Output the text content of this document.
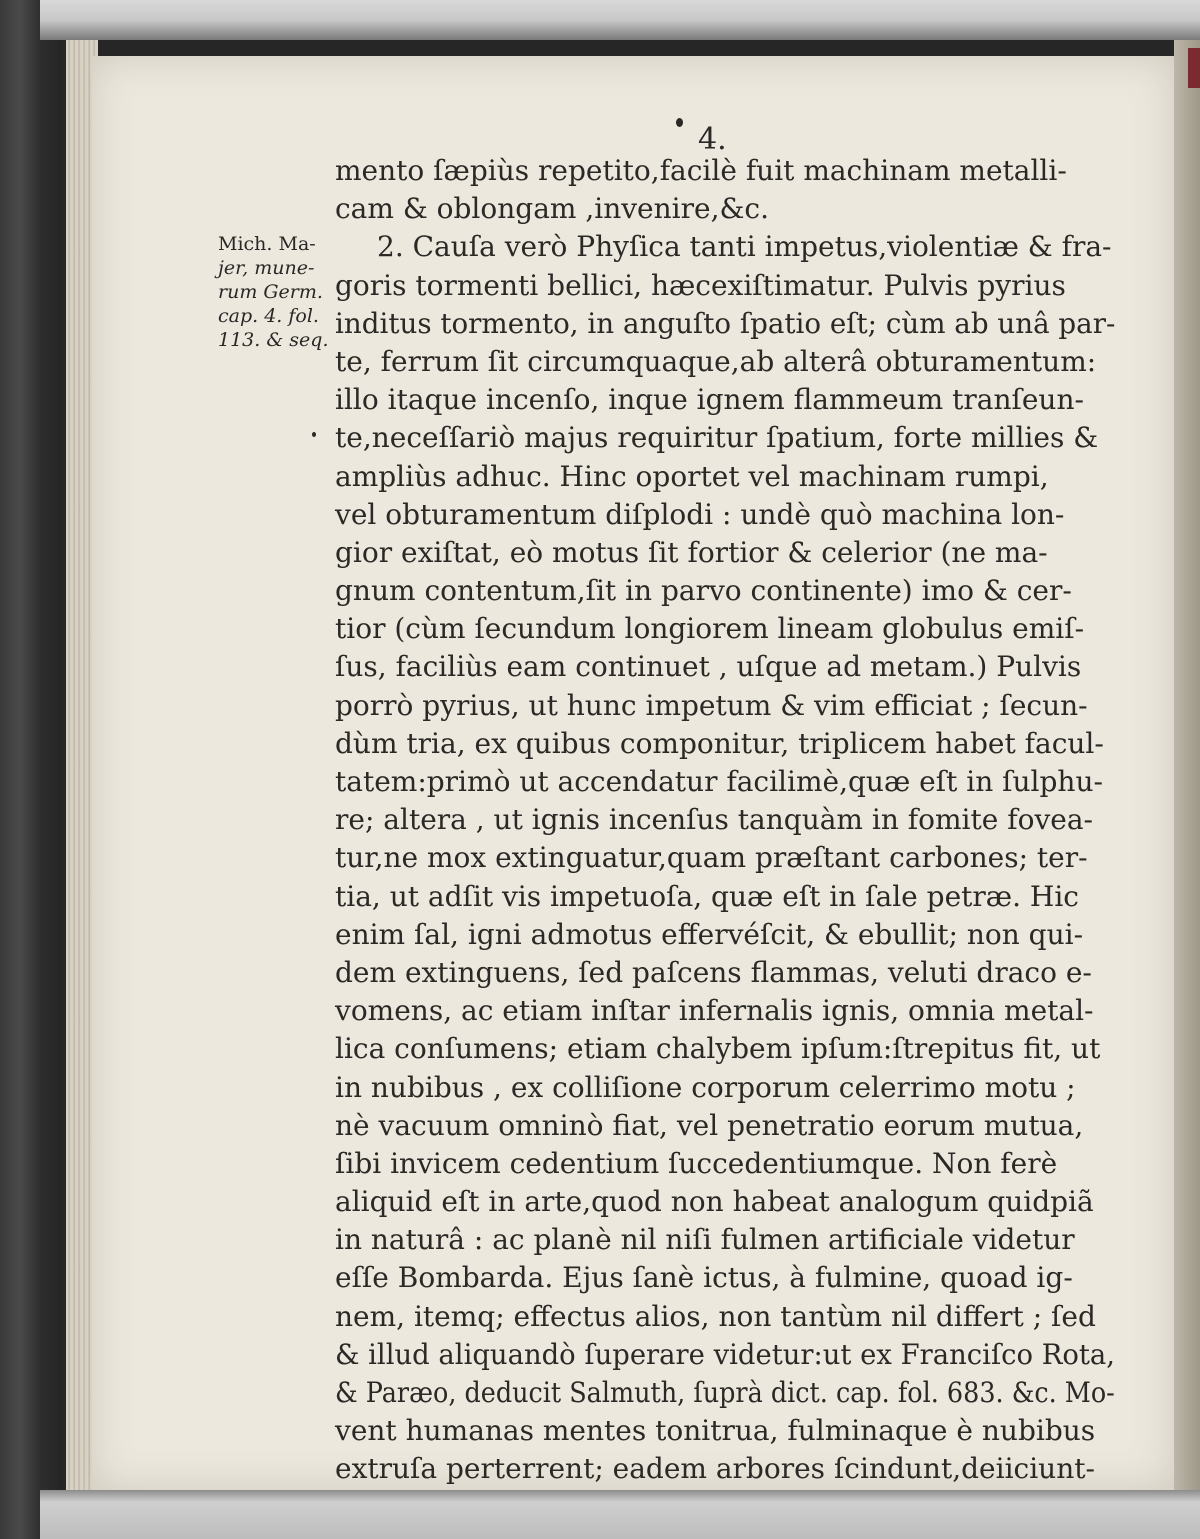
4.
Mich. Ma-
jer, mune-
rum Germ.
cap. 4. fol.
113. & seq.
mento ſæpiùs repetito,facilè fuit machinam metalli-
cam & oblongam ,invenire,&c.
2. Cauſa verò Phyſica tanti impetus,violentiæ & fra-
goris tormenti bellici, hæcexiſtimatur. Pulvis pyrius
inditus tormento, in anguſto ſpatio eſt; cùm ab unâ par-
te, ferrum ſit circumquaque,ab alterâ obturamentum:
illo itaque incenſo, inque ignem flammeum tranſeun-
te,neceſſariò majus requiritur ſpatium, forte millies &
ampliùs adhuc. Hinc oportet vel machinam rumpi,
vel obturamentum diſplodi : undè quò machina lon-
gior exiſtat, eò motus ſit fortior & celerior (ne ma-
gnum contentum,ſit in parvo continente) imo & cer-
tior (cùm ſecundum longiorem lineam globulus emiſ-
ſus, faciliùs eam continuet , uſque ad metam.) Pulvis
porrò pyrius, ut hunc impetum & vim efficiat ; ſecun-
dùm tria, ex quibus componitur, triplicem habet facul-
tatem:primò ut accendatur facilimè,quæ eſt in ſulphu-
re; altera , ut ignis incenſus tanquàm in fomite fovea-
tur,ne mox extinguatur,quam præſtant carbones; ter-
tia, ut adſit vis impetuoſa, quæ eſt in ſale petræ. Hic
enim ſal, igni admotus effervéſcit, & ebullit; non qui-
dem extinguens, ſed paſcens flammas, veluti draco e-
vomens, ac etiam inſtar infernalis ignis, omnia metal-
lica conſumens; etiam chalybem ipſum:ſtrepitus fit, ut
in nubibus , ex colliſione corporum celerrimo motu ;
nè vacuum omninò fiat, vel penetratio eorum mutua,
ſibi invicem cedentium ſuccedentiumque. Non ferè
aliquid eſt in arte,quod non habeat analogum quidpiã
in naturâ : ac planè nil niſi fulmen artificiale videtur
eſſe Bombarda. Ejus ſanè ictus, à fulmine, quoad ig-
nem, itemq; effectus alios, non tantùm nil differt ; ſed
& illud aliquandò ſuperare videtur:ut ex Franciſco Rota,
& Paræo, deducit Salmuth, ſuprà dict. cap. fol. 683. &c. Mo-
vent humanas mentes tonitrua, fulminaque è nubibus
extruſa perterrent; eadem arbores ſcindunt,deiiciunt-
